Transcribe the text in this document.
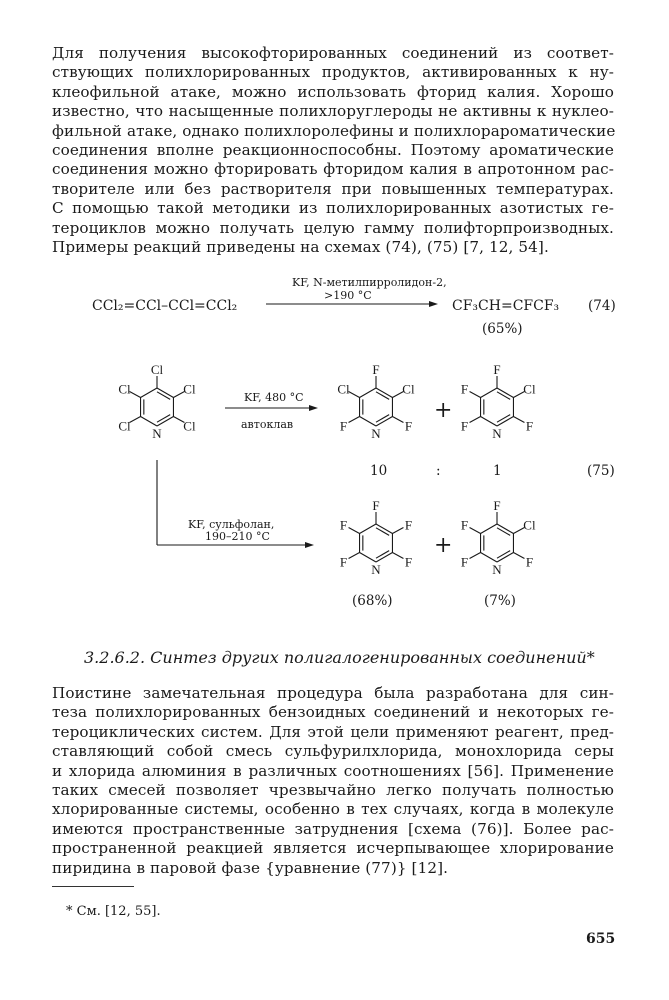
Для получения высокофторированных соединений из соответ-
ствующих полихлорированных продуктов, активированных к ну-
клеофильной атаке, можно использовать фторид калия. Хорошо
известно, что насыщенные полихлоруглероды не активны к нуклео-
фильной атаке, однако полихлоролефины и полихлорароматические
соединения вполне реакционноспособны. Поэтому ароматические
соединения можно фторировать фторидом калия в апротонном рас-
творителе или без растворителя при повышенных температурах.
С помощью такой методики из полихлорированных азотистых ге-
тероциклов можно получать целую гамму полифторпроизводных.
Примеры реакций приведены на схемах (74), (75) [7, 12, 54].
CCl₂=CCl–CCl=CCl₂
KF, N-метилпирролидон-2,
>190 °C
CF₃CH=CFCF₃
(65%)
(74)
KF, 480 °C
автоклав
KF, сульфолан,
190–210 °C
10	:	1	(75)
+
+
(68%)	(7%)
Cl
Cl
Cl
N
Cl
Cl
F
Cl
F
N
F
Cl
F
Cl
F
N
F
F
F
F
F
N
F
F
F
Cl
F
N
F
F
3.2.6.2. Синтез других полигалогенированных соединений*
Поистине замечательная процедура была разработана для син-
теза полихлорированных бензоидных соединений и некоторых ге-
тероциклических систем. Для этой цели применяют реагент, пред-
ставляющий собой смесь сульфурилхлорида, монохлорида серы
и хлорида алюминия в различных соотношениях [56]. Применение
таких смесей позволяет чрезвычайно легко получать полностью
хлорированные системы, особенно в тех случаях, когда в молекуле
имеются пространственные затруднения [схема (76)]. Более рас-
пространенной реакцией является исчерпывающее хлорирование
пиридина в паровой фазе {уравнение (77)} [12].
* См. [12, 55].
655
